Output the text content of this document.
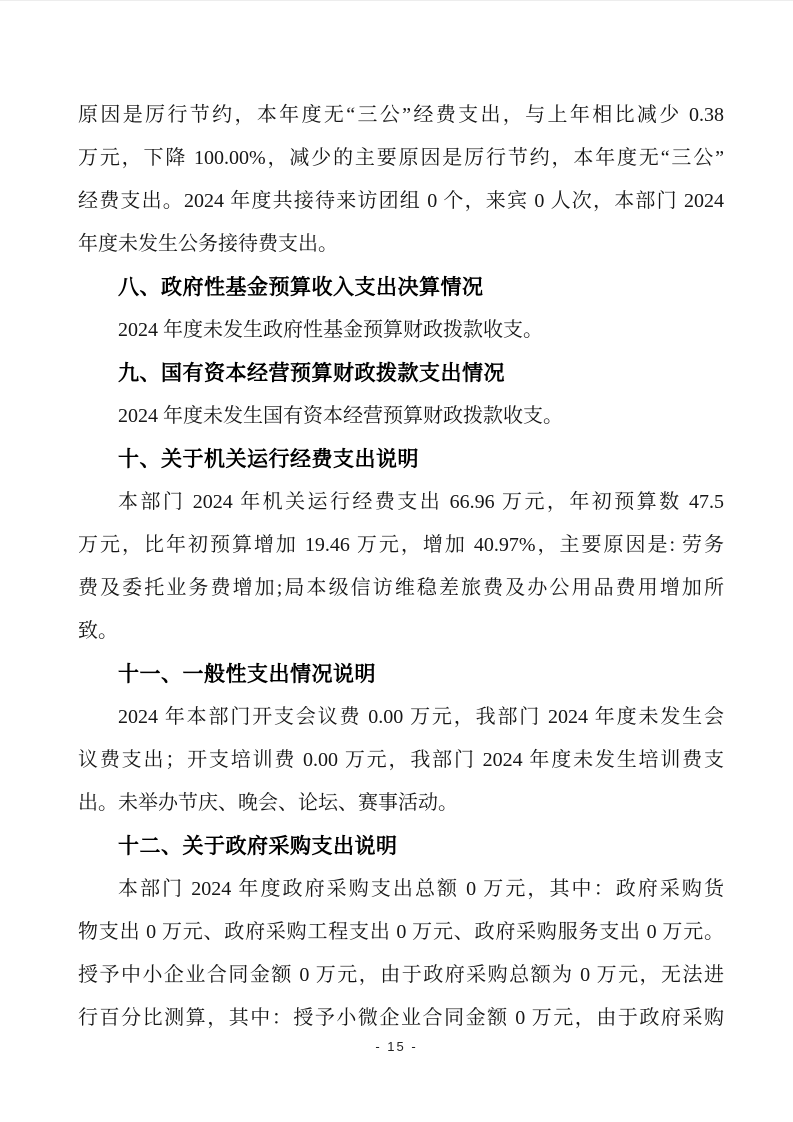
原因是厉行节约，本年度无“三公”经费支出，与上年相比减少 0.38
万元，下降 100.00%，减少的主要原因是厉行节约，本年度无“三公”
经费支出。2024 年度共接待来访团组 0 个，来宾 0 人次，本部门 2024
年度未发生公务接待费支出。
八、政府性基金预算收入支出决算情况
2024 年度未发生政府性基金预算财政拨款收支。
九、国有资本经营预算财政拨款支出情况
2024 年度未发生国有资本经营预算财政拨款收支。
十、关于机关运行经费支出说明
本部门 2024 年机关运行经费支出 66.96 万元，年初预算数 47.5
万元，比年初预算增加 19.46 万元，增加 40.97%，主要原因是: 劳务
费及委托业务费增加;局本级信访维稳差旅费及办公用品费用增加所
致。
十一、一般性支出情况说明
2024 年本部门开支会议费 0.00 万元，我部门 2024 年度未发生会
议费支出；开支培训费 0.00 万元，我部门 2024 年度未发生培训费支
出。未举办节庆、晚会、论坛、赛事活动。
十二、关于政府采购支出说明
本部门 2024 年度政府采购支出总额 0 万元，其中：政府采购货
物支出 0 万元、政府采购工程支出 0 万元、政府采购服务支出 0 万元。
授予中小企业合同金额 0 万元，由于政府采购总额为 0 万元，无法进
行百分比测算，其中：授予小微企业合同金额 0 万元，由于政府采购
- 15 -
